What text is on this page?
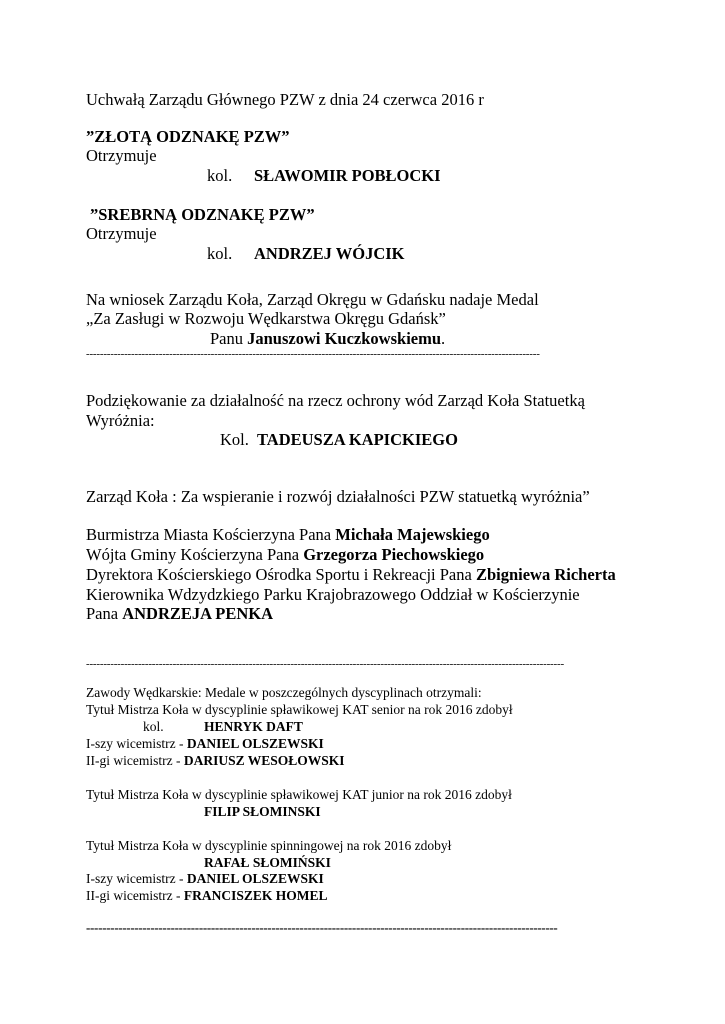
Uchwałą Zarządu Głównego PZW z dnia 24 czerwca 2016 r
”ZŁOTĄ ODZNAKĘ PZW”
Otrzymuje
kol. SŁAWOMIR POBŁOCKI
”SREBRNĄ ODZNAKĘ PZW”
Otrzymuje
kol. ANDRZEJ WÓJCIK
Na wniosek Zarządu Koła, Zarząd Okręgu w Gdańsku nadaje Medal
„Za Zasługi w Rozwoju Wędkarstwa Okręgu Gdańsk”
Panu Januszowi Kuczkowskiemu.
-----------------------------------------------------------------------------------------------------------------------------------
Podziękowanie za działalność na rzecz ochrony wód Zarząd Koła Statuetką
Wyróżnia:
Kol. TADEUSZA KAPICKIEGO
Zarząd Koła : Za wspieranie i rozwój działalności PZW statuetką wyróżnia”
Burmistrza Miasta Kościerzyna Pana Michała Majewskiego
Wójta Gminy Kościerzyna Pana Grzegorza Piechowskiego
Dyrektora Kościerskiego Ośrodka Sportu i Rekreacji Pana Zbigniewa Richerta
Kierownika Wdzydzkiego Parku Krajobrazowego Oddział w Kościerzynie
Pana ANDRZEJA PENKA
------------------------------------------------------------------------------------------------------------------------------------------
Zawody Wędkarskie: Medale w poszczególnych dyscyplinach otrzymali:
Tytuł Mistrza Koła w dyscyplinie spławikowej KAT senior na rok 2016 zdobył
kol.	HENRYK DAFT
I-szy wicemistrz - DANIEL OLSZEWSKI
II-gi wicemistrz - DARIUSZ WESOŁOWSKI
Tytuł Mistrza Koła w dyscyplinie spławikowej KAT junior na rok 2016 zdobył
FILIP SŁOMINSKI
Tytuł Mistrza Koła w dyscyplinie spinningowej na rok 2016 zdobył
RAFAŁ SŁOMIŃSKI
I-szy wicemistrz - DANIEL OLSZEWSKI
II-gi wicemistrz - FRANCISZEK HOMEL
---------------------------------------------------------------------------------------------------------------------
